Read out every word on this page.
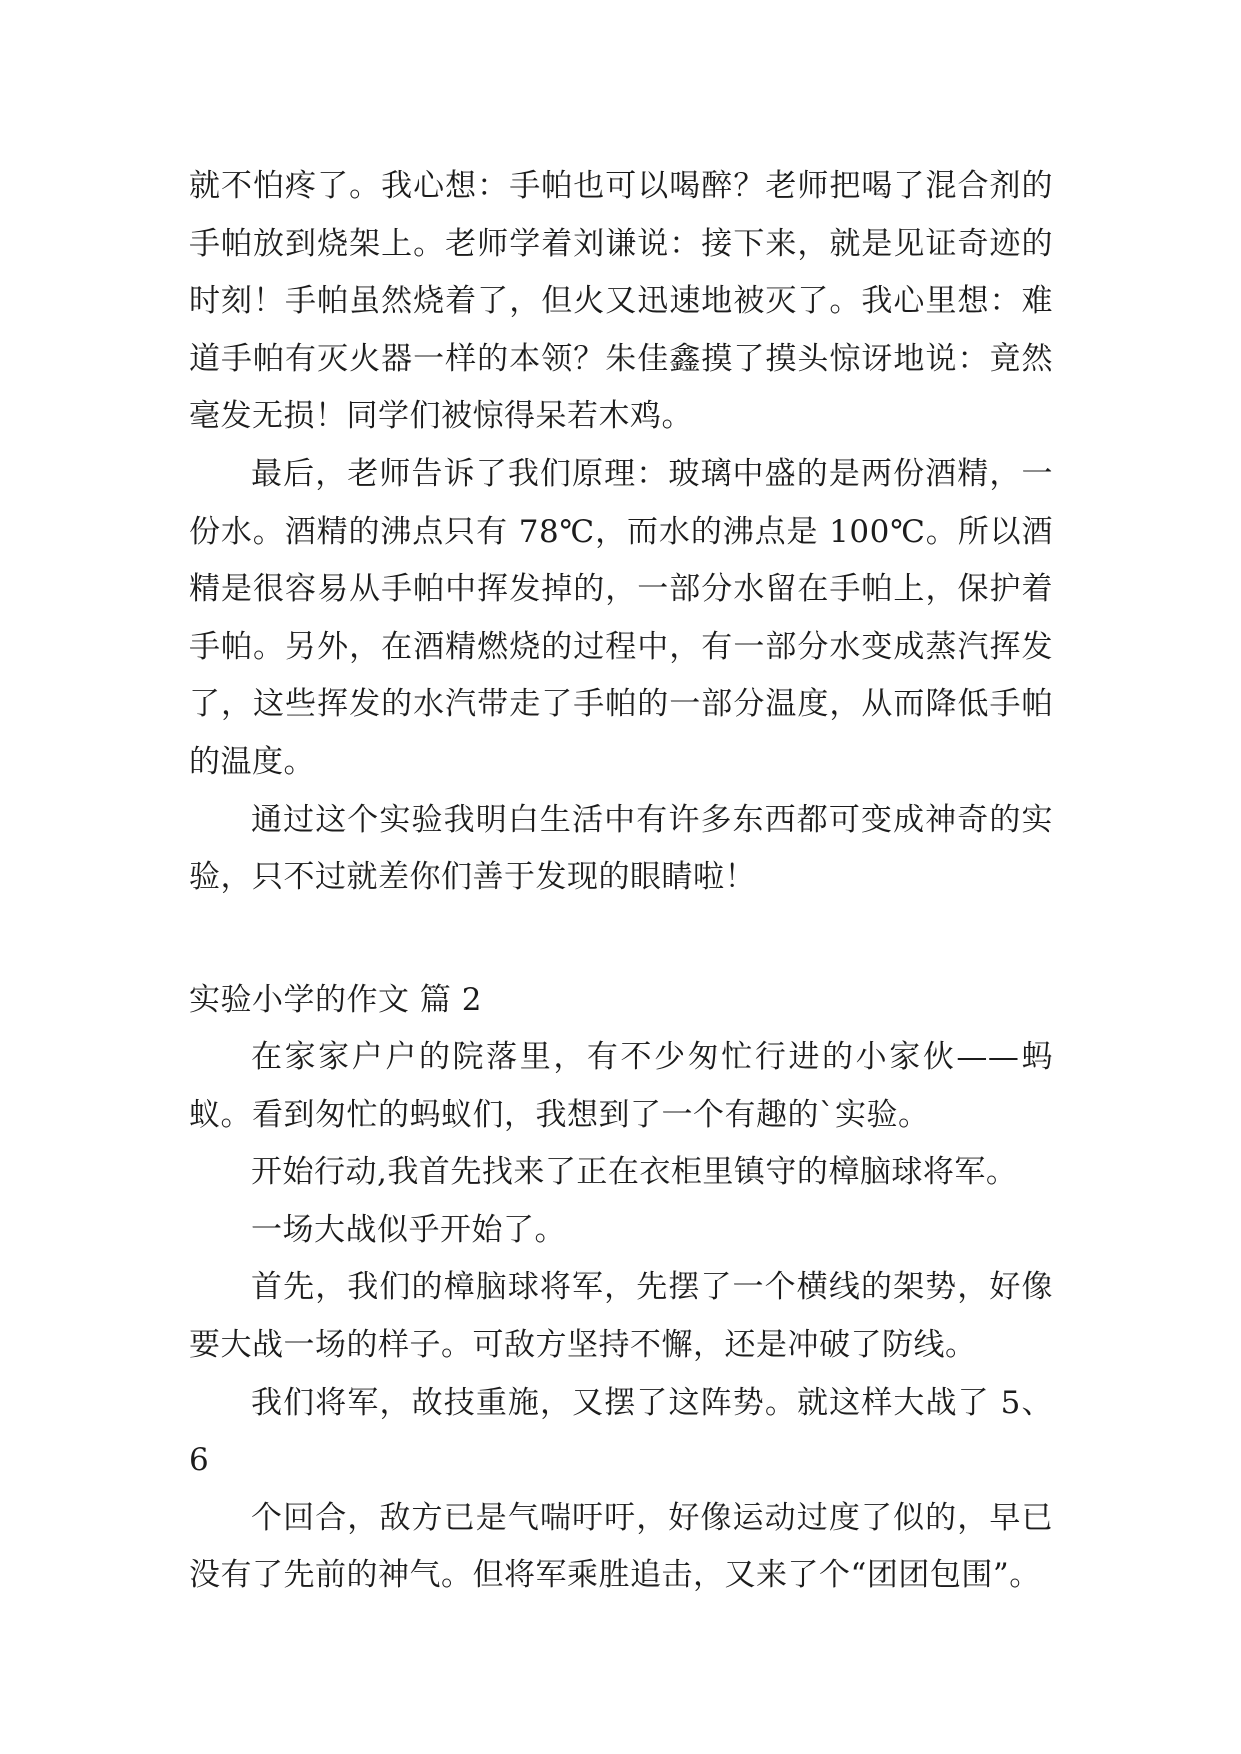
就不怕疼了。我心想：手帕也可以喝醉？老师把喝了混合剂的手帕放到烧架上。老师学着刘谦说：接下来，就是见证奇迹的时刻！手帕虽然烧着了，但火又迅速地被灭了。我心里想：难道手帕有灭火器一样的本领？朱佳鑫摸了摸头惊讶地说：竟然毫发无损！同学们被惊得呆若木鸡。

最后，老师告诉了我们原理：玻璃中盛的是两份酒精，一份水。酒精的沸点只有 78℃，而水的沸点是 100℃。所以酒精是很容易从手帕中挥发掉的，一部分水留在手帕上，保护着手帕。另外，在酒精燃烧的过程中，有一部分水变成蒸汽挥发了，这些挥发的水汽带走了手帕的一部分温度，从而降低手帕的温度。

通过这个实验我明白生活中有许多东西都可变成神奇的实验，只不过就差你们善于发现的眼睛啦！

实验小学的作文 篇 2

在家家户户的院落里，有不少匆忙行进的小家伙——蚂蚁。看到匆忙的蚂蚁们，我想到了一个有趣的`实验。

开始行动,我首先找来了正在衣柜里镇守的樟脑球将军。

一场大战似乎开始了。

首先，我们的樟脑球将军，先摆了一个横线的架势，好像要大战一场的样子。可敌方坚持不懈，还是冲破了防线。
我们将军，故技重施，又摆了这阵势。就这样大战了 5、6
个回合，敌方已是气喘吁吁，好像运动过度了似的，早已没有了先前的神气。但将军乘胜追击，又来了个“团团包围”。
